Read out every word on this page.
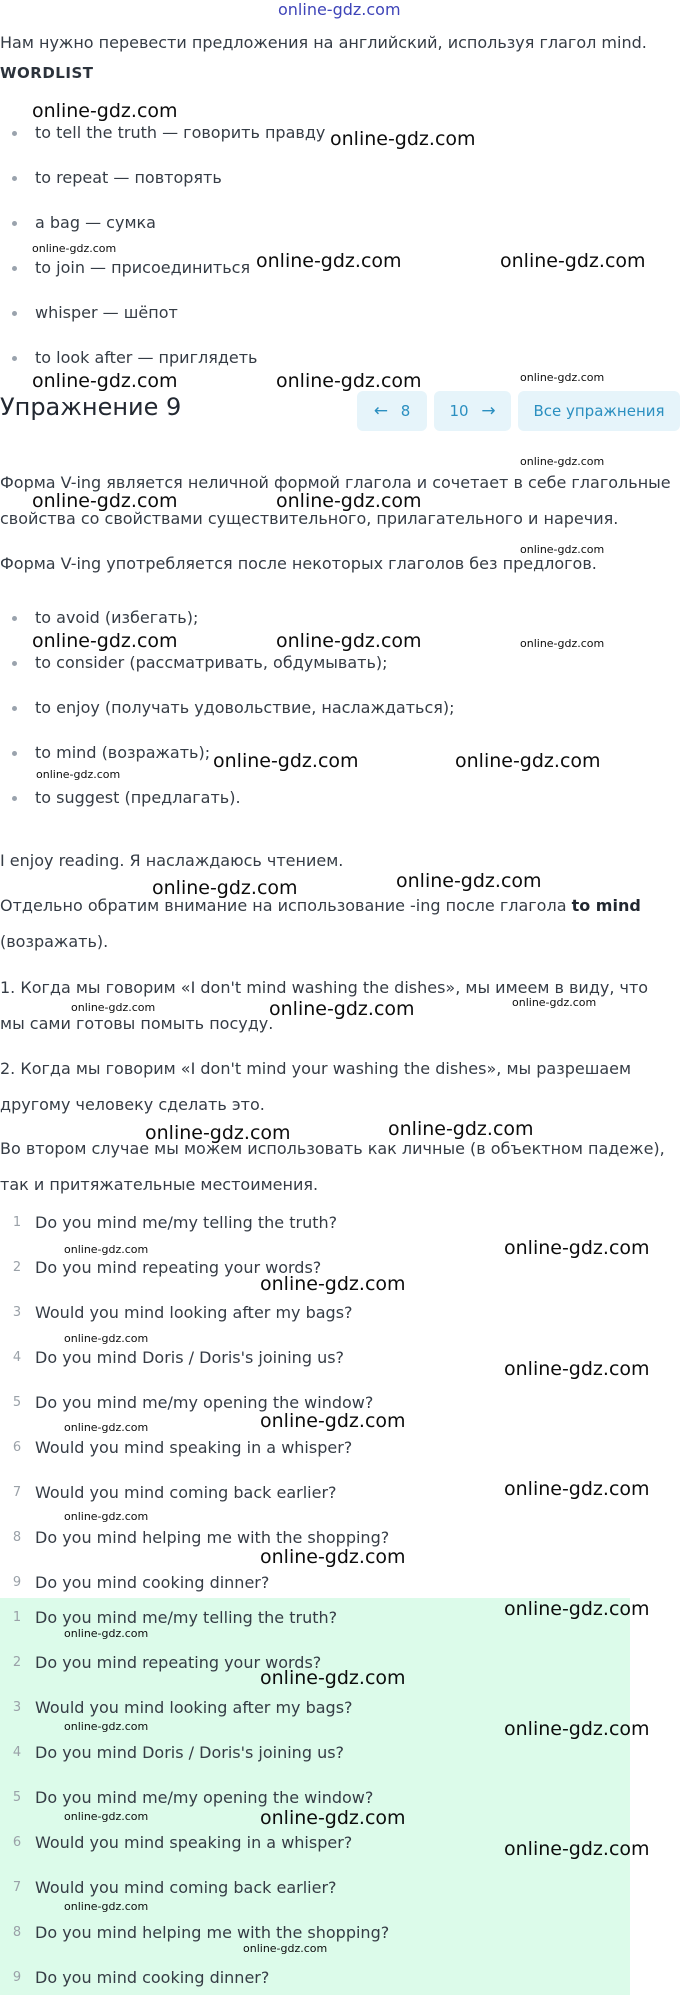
online-gdz.com
Нам нужно перевести предложения на английский, используя глагол mind.
WORDLIST
to tell the truth — говорить правду
to repeat — повторять
a bag — сумка
to join — присоединиться
whisper — шёпот
to look after — приглядеть
Упражнение 9	← 8	10 →	Все упражнения
Форма V-ing является неличной формой глагола и сочетает в себе глагольные свойства со свойствами существительного, прилагательного и наречия.
Форма V-ing употребляется после некоторых глаголов без предлогов.
to avoid (избегать);
to consider (рассматривать, обдумывать);
to enjoy (получать удовольствие, наслаждаться);
to mind (возражать);
to suggest (предлагать).
I enjoy reading. Я наслаждаюсь чтением.
Отдельно обратим внимание на использование -ing после глагола to mind
(возражать).
1. Когда мы говорим «I don't mind washing the dishes», мы имеем в виду, что мы сами готовы помыть посуду.
2. Когда мы говорим «I don't mind your washing the dishes», мы разрешаем другому человеку сделать это.
Во втором случае мы можем использовать как личные (в объектном падеже), так и притяжательные местоимения.
1 Do you mind me/my telling the truth?
2 Do you mind repeating your words?
3 Would you mind looking after my bags?
4 Do you mind Doris / Doris's joining us?
5 Do you mind me/my opening the window?
6 Would you mind speaking in a whisper?
7 Would you mind coming back earlier?
8 Do you mind helping me with the shopping?
9 Do you mind cooking dinner?
1 Do you mind me/my telling the truth?
2 Do you mind repeating your words?
3 Would you mind looking after my bags?
4 Do you mind Doris / Doris's joining us?
5 Do you mind me/my opening the window?
6 Would you mind speaking in a whisper?
7 Would you mind coming back earlier?
8 Do you mind helping me with the shopping?
9 Do you mind cooking dinner?
online-gdz.com
online-gdz.com
online-gdz.com
online-gdz.com	online-gdz.com
online-gdz.com	online-gdz.com	online-gdz.com
online-gdz.com
online-gdz.com	online-gdz.com
online-gdz.com
online-gdz.com	online-gdz.com	online-gdz.com
online-gdz.com	online-gdz.com
online-gdz.com
online-gdz.com	online-gdz.com
online-gdz.com	online-gdz.com	online-gdz.com
online-gdz.com	online-gdz.com
online-gdz.com	online-gdz.com
online-gdz.com
online-gdz.com
online-gdz.com
online-gdz.com
online-gdz.com
online-gdz.com
online-gdz.com
online-gdz.com
online-gdz.com
online-gdz.com
online-gdz.com
online-gdz.com	online-gdz.com
online-gdz.com
online-gdz.com
online-gdz.com
online-gdz.com
online-gdz.com
